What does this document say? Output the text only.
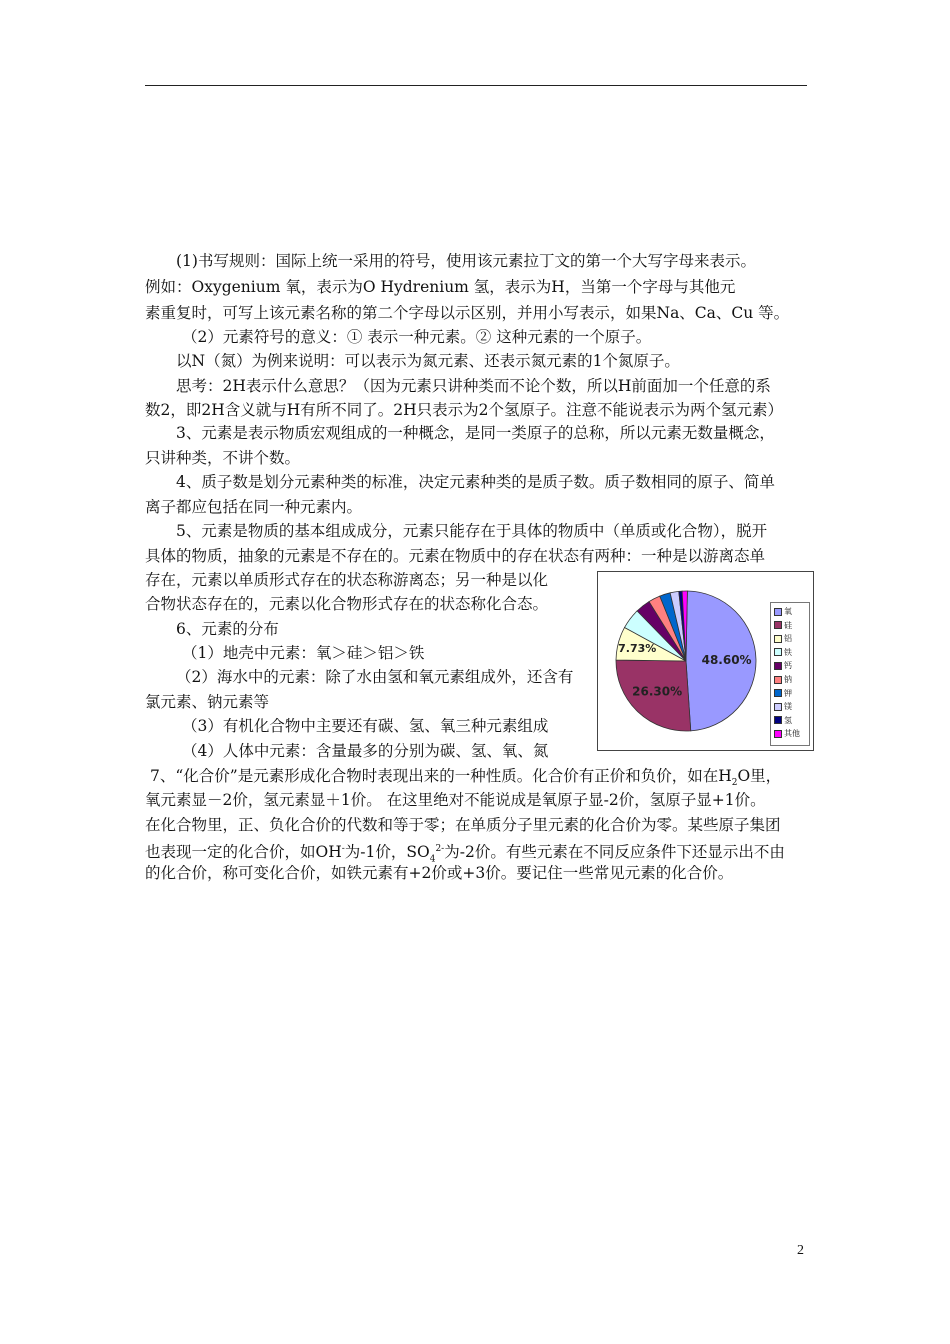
(1)书写规则：国际上统一采用的符号，使用该元素拉丁文的第一个大写字母来表示。
例如：Oxygenium 氧，表示为O Hydrenium 氢，表示为H，当第一个字母与其他元
素重复时，可写上该元素名称的第二个字母以示区别，并用小写表示，如果Na、Ca、Cu 等。
（2）元素符号的意义：① 表示一种元素。② 这种元素的一个原子。
以N（氮）为例来说明：可以表示为氮元素、还表示氮元素的1个氮原子。
思考：2H表示什么意思？（因为元素只讲种类而不论个数，所以H前面加一个任意的系
数2，即2H含义就与H有所不同了。2H只表示为2个氢原子。注意不能说表示为两个氢元素）
3、元素是表示物质宏观组成的一种概念，是同一类原子的总称，所以元素无数量概念，
只讲种类，不讲个数。
4、质子数是划分元素种类的标准，决定元素种类的是质子数。质子数相同的原子、简单
离子都应包括在同一种元素内。
5、元素是物质的基本组成成分，元素只能存在于具体的物质中（单质或化合物），脱开
具体的物质，抽象的元素是不存在的。元素在物质中的存在状态有两种：一种是以游离态单
存在，元素以单质形式存在的状态称游离态；另一种是以化
合物状态存在的，元素以化合物形式存在的状态称化合态。
6、元素的分布
（1）地壳中元素：氧＞硅＞铝＞铁
（2）海水中的元素：除了水由氢和氧元素组成外，还含有
氯元素、钠元素等
（3）有机化合物中主要还有碳、氢、氧三种元素组成
（4）人体中元素：含量最多的分别为碳、氢、氧、氮
7、“化合价”是元素形成化合物时表现出来的一种性质。化合价有正价和负价，如在$H_2O$里，
氧元素显－2价，氢元素显＋1价。 在这里绝对不能说成是氧原子显-2价，氢原子显+1价。
在化合物里，正、负化合价的代数和等于零；在单质分子里元素的化合价为零。某些原子集团
也表现一定的化合价，如OH-为-1价，$SO_4^{2-}$为-2价。有些元素在不同反应条件下还显示出不由
的化合价，称可变化合价，如铁元素有+2价或+3价。要记住一些常见元素的化合价。
48.60%
26.30%
7.73%
氧
硅
铝
铁
钙
钠
钾
镁
氢
其他
2
